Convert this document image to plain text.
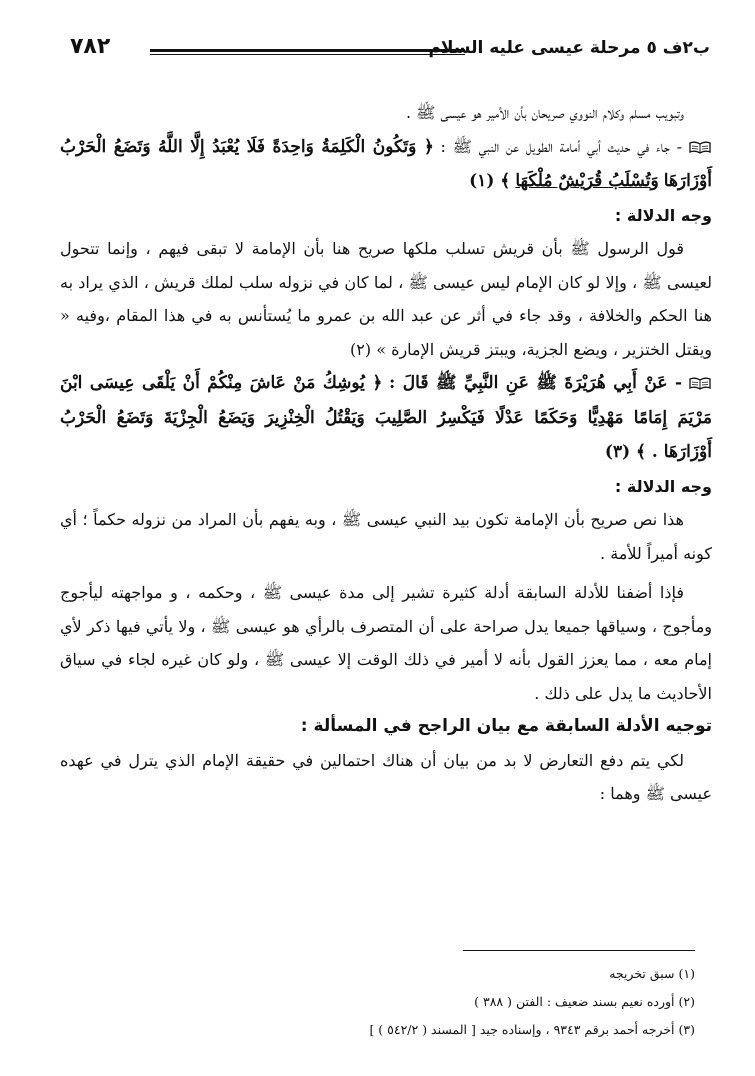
ب٢ف ٥ مرحلة عيسى عليه السلام
٧٨٢

وتبويب مسلم وكلام النووي صريحان بأن الأمير هو عيسى ﷺ .

- جاء في حديث أبي أمامة الطويل عن النبي ﷺ : ﴿ وَتَكُونُ الْكَلِمَةُ وَاحِدَةً فَلَا يُعْبَدُ إِلَّا اللَّهُ وَتَضَعُ الْحَرْبُ أَوْزَارَهَا وَتُسْلَبُ قُرَيْشٌ مُلْكَهَا ﴾ (١)

وجه الدلالة :

قول الرسول ﷺ بأن قريش تسلب ملكها صريح هنا بأن الإمامة لا تبقى فيهم ، وإنما تتحول لعيسى ﷺ ، وإلا لو كان الإمام ليس عيسى ﷺ ، لما كان في نزوله سلب لملك قريش ، الذي يراد به هنا الحكم والخلافة ، وقد جاء في أثر عن عبد الله بن عمرو ما يُستأنس به في هذا المقام ،وفيه « ويقتل الختزير ، ويضع الجزية، ويبتز قريش الإمارة » (٢)

- عَنْ أَبِي هُرَيْرَةَ ﷺ عَنِ النَّبِيِّ ﷺ قَالَ : ﴿ يُوشِكُ مَنْ عَاشَ مِنْكُمْ أَنْ يَلْقَى عِيسَى ابْنَ مَرْيَمَ إِمَامًا مَهْدِيًّا وَحَكَمًا عَدْلًا فَيَكْسِرُ الصَّلِيبَ وَيَقْتُلُ الْخِنْزِيرَ وَيَضَعُ الْجِزْيَةَ وَتَضَعُ الْحَرْبُ أَوْزَارَهَا . ﴾ (٣)

وجه الدلالة :

هذا نص صريح بأن الإمامة تكون بيد النبي عيسى ﷺ ، وبه يفهم بأن المراد من نزوله حكماً ؛ أي كونه أميراً للأمة .

فإذا أضفنا للأدلة السابقة أدلة كثيرة تشير إلى مدة عيسى ﷺ ، وحكمه ، و مواجهته ليأجوج ومأجوج ، وسياقها جميعا يدل صراحة على أن المتصرف بالرأي هو عيسى ﷺ ، ولا يأتي فيها ذكر لأي إمام معه ، مما يعزز القول بأنه لا أمير في ذلك الوقت إلا عيسى ﷺ ، ولو كان غيره لجاء في سياق الأحاديث ما يدل على ذلك .

توجيه الأدلة السابقة مع بيان الراجح في المسألة :

لكي يتم دفع التعارض لا بد من بيان أن هناك احتمالين في حقيقة الإمام الذي يترل في عهده عيسى ﷺ وهما :

(١) سبق تخريجه
(٢) أورده نعيم بسند ضعيف : الفتن ( ٣٨٨ )
(٣) أخرجه أحمد برقم ٩٣٤٣ ، وإسناده جيد [ المسند ( ٥٤٢/٢ ) ]
